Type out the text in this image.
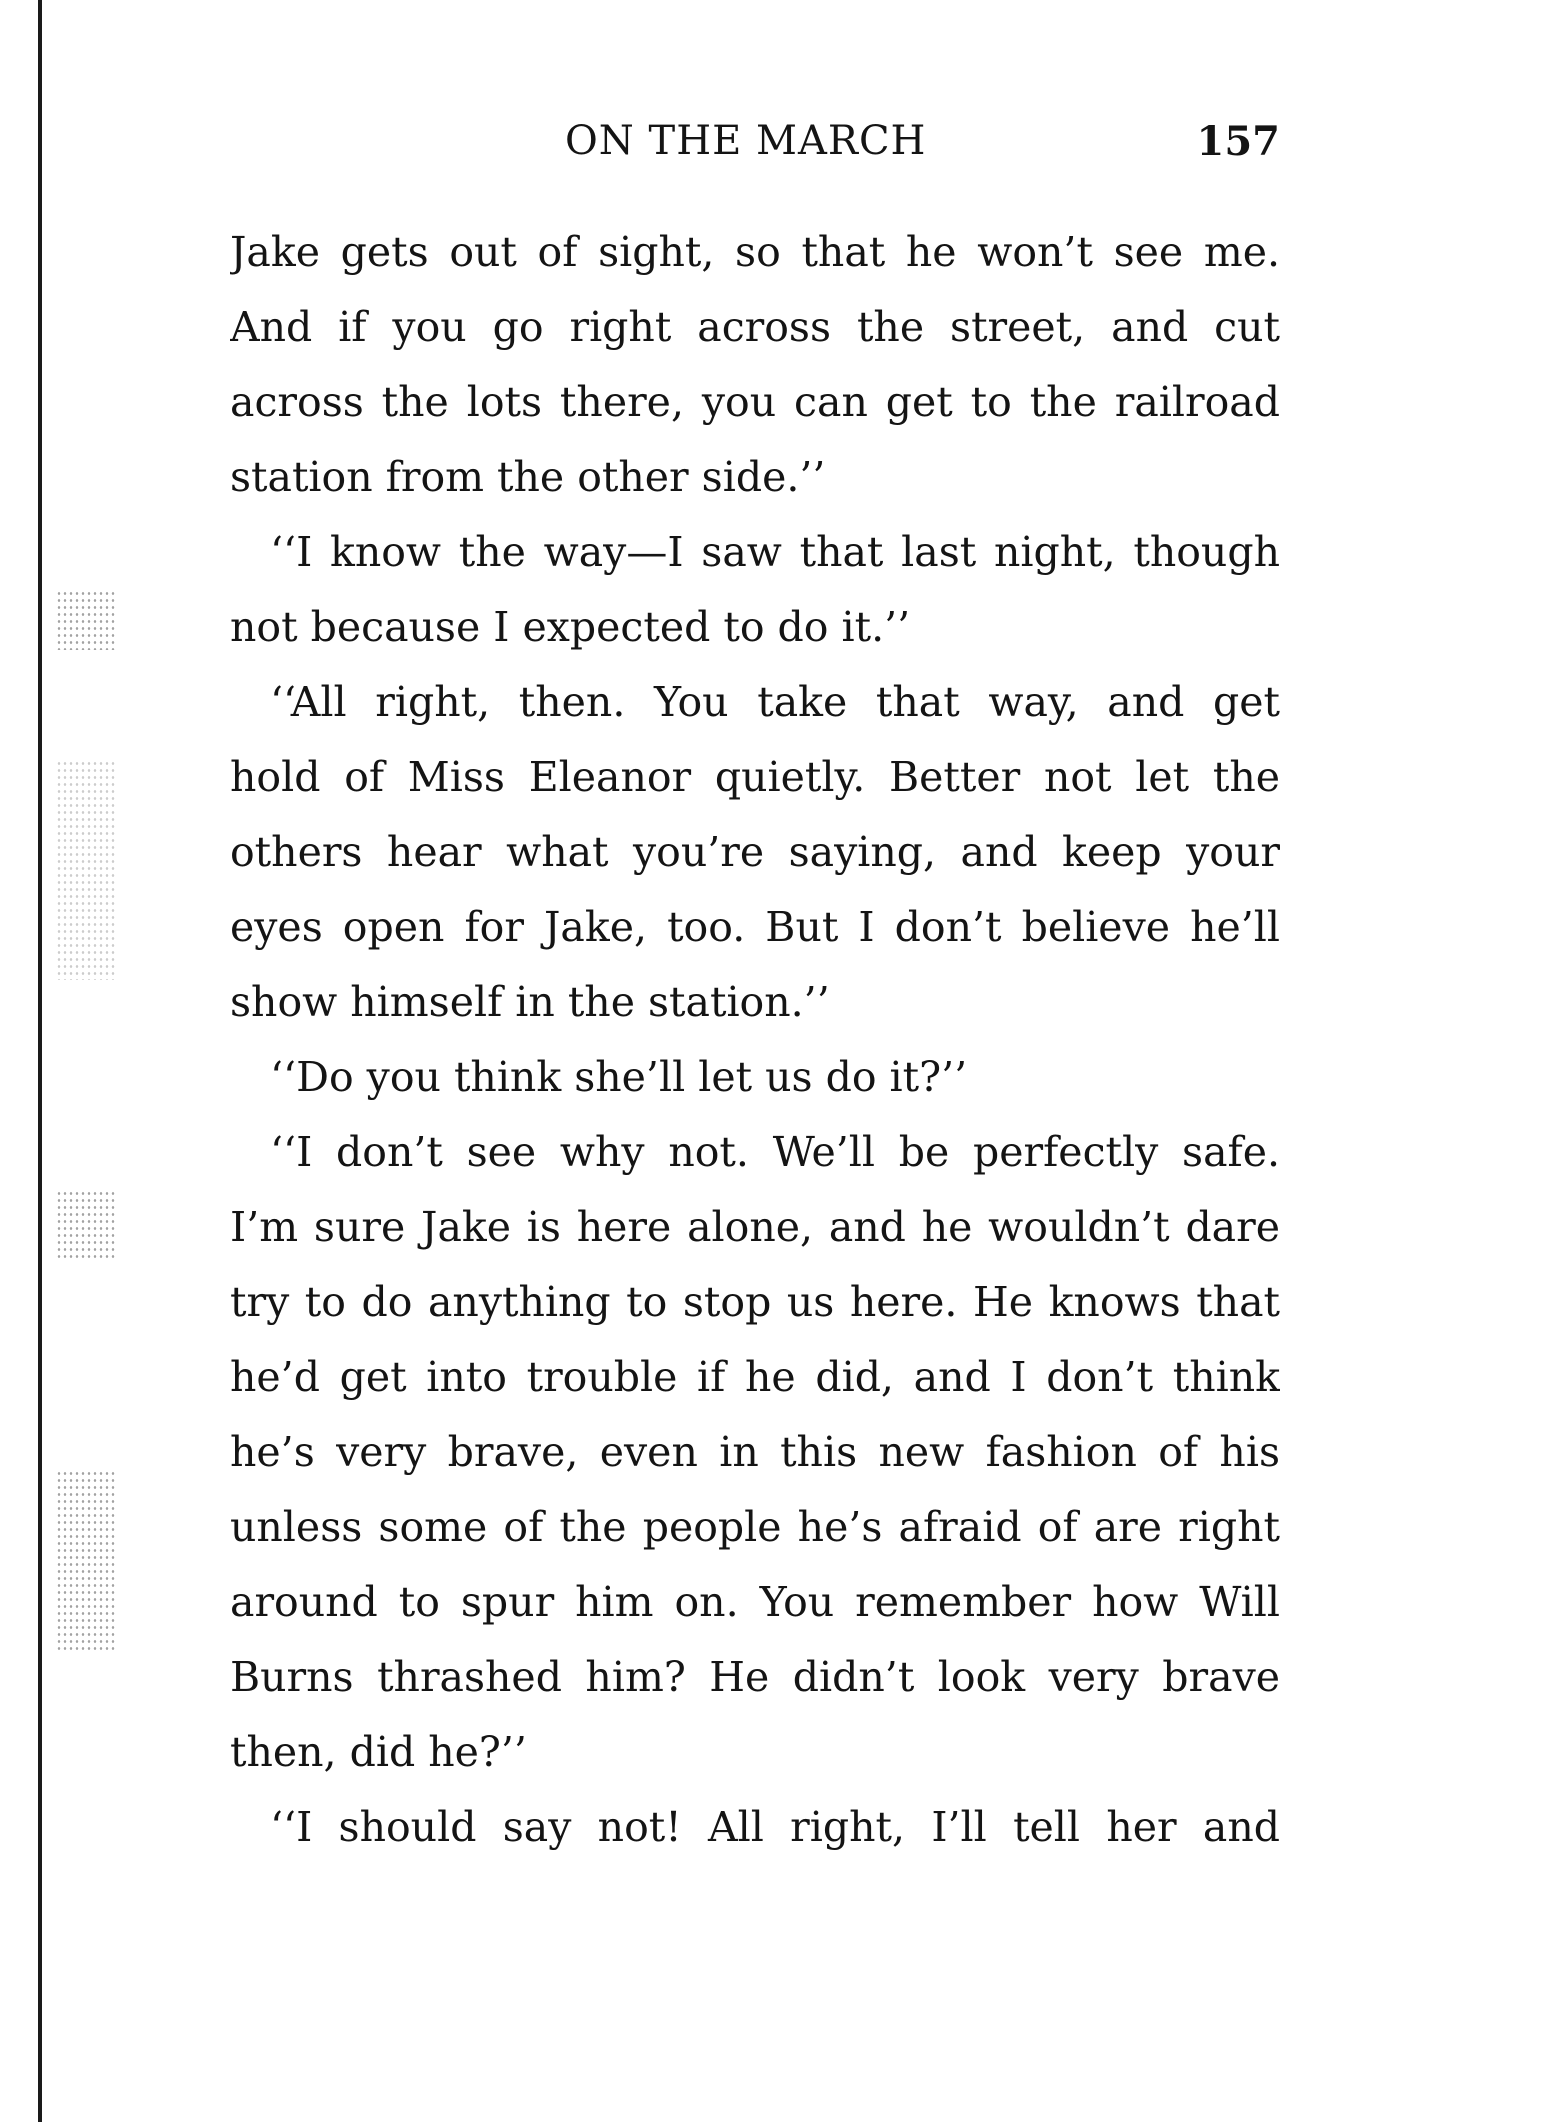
ON THE MARCH	157
Jake gets out of sight, so that he won’t see me.
And if you go right across the street, and cut
across the lots there, you can get to the railroad
station from the other side.’’
‘‘I know the way—I saw that last night, though
not because I expected to do it.’’
‘‘All right, then. You take that way, and get
hold of Miss Eleanor quietly. Better not let the
others hear what you’re saying, and keep your
eyes open for Jake, too. But I don’t believe he’ll
show himself in the station.’’
‘‘Do you think she’ll let us do it?’’
‘‘I don’t see why not. We’ll be perfectly safe.
I’m sure Jake is here alone, and he wouldn’t dare
try to do anything to stop us here. He knows that
he’d get into trouble if he did, and I don’t think
he’s very brave, even in this new fashion of his
unless some of the people he’s afraid of are right
around to spur him on. You remember how Will
Burns thrashed him? He didn’t look very brave
then, did he?’’
‘‘I should say not! All right, I’ll tell her and
